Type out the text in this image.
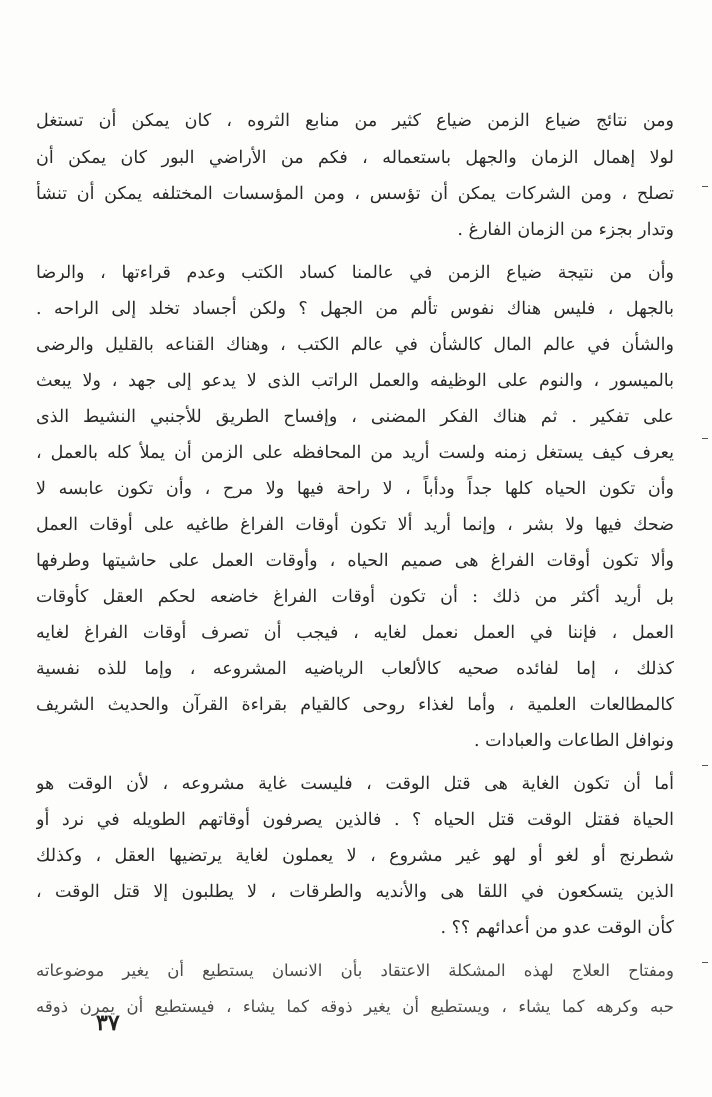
ومن نتائج ضياع الزمن ضياع كثير من منابع الثروه ، كان يمكن أن تستغل
لولا إهمال الزمان والجهل باستعماله ، فكم من الأراضي البور كان يمكن أن
تصلح ، ومن الشركات يمكن أن تؤسس ، ومن المؤسسات المختلفه يمكن أن تنشأ
وتدار بجزء من الزمان الفارغ .
وأن من نتيجة ضياع الزمن في عالمنا كساد الكتب وعدم قراءتها ، والرضا
بالجهل ، فليس هناك نفوس تألم من الجهل ؟ ولكن أجساد تخلد إلى الراحه .
والشأن في عالم المال كالشأن في عالم الكتب ، وهناك القناعه بالقليل والرضى
بالميسور ، والنوم على الوظيفه والعمل الراتب الذى لا يدعو إلى جهد ، ولا يبعث
على تفكير . ثم هناك الفكر المضنى ، وإفساح الطريق للأجنبي النشيط الذى
يعرف كيف يستغل زمنه ولست أريد من المحافظه على الزمن أن يملأ كله بالعمل ،
وأن تكون الحياه كلها جداً ودأباً ، لا راحة فيها ولا مرح ، وأن تكون عابسه لا
ضحك فيها ولا بشر ، وإنما أريد ألا تكون أوقات الفراغ طاغيه على أوقات العمل
وألا تكون أوقات الفراغ هى صميم الحياه ، وأوقات العمل على حاشيتها وطرفها
بل أريد أكثر من ذلك : أن تكون أوقات الفراغ خاضعه لحكم العقل كأوقات
العمل ، فإننا في العمل نعمل لغايه ، فيجب أن تصرف أوقات الفراغ لغايه
كذلك ، إما لفائده صحيه كالألعاب الرياضيه المشروعه ، وإما للذه نفسية
كالمطالعات العلمية ، وأما لغذاء روحى كالقيام بقراءة القرآن والحديث الشريف
ونوافل الطاعات والعبادات .
أما أن تكون الغاية هى قتل الوقت ، فليست غاية مشروعه ، لأن الوقت هو
الحياة فقتل الوقت قتل الحياه ؟ . فالذين يصرفون أوقاتهم الطويله في نرد أو
شطرنج أو لغو أو لهو غير مشروع ، لا يعملون لغاية يرتضيها العقل ، وكذلك
الذين يتسكعون في اللقا هى والأنديه والطرقات ، لا يطلبون إلا قتل الوقت ،
كأن الوقت عدو من أعدائهم ؟؟ .
ومفتاح العلاج لهذه المشكلة الاعتقاد بأن الانسان يستطيع أن يغير موضوعاته
حبه وكرهه كما يشاء ، ويستطيع أن يغير ذوقه كما يشاء ، فيستطيع أن يمرن ذوقه
٣٧
